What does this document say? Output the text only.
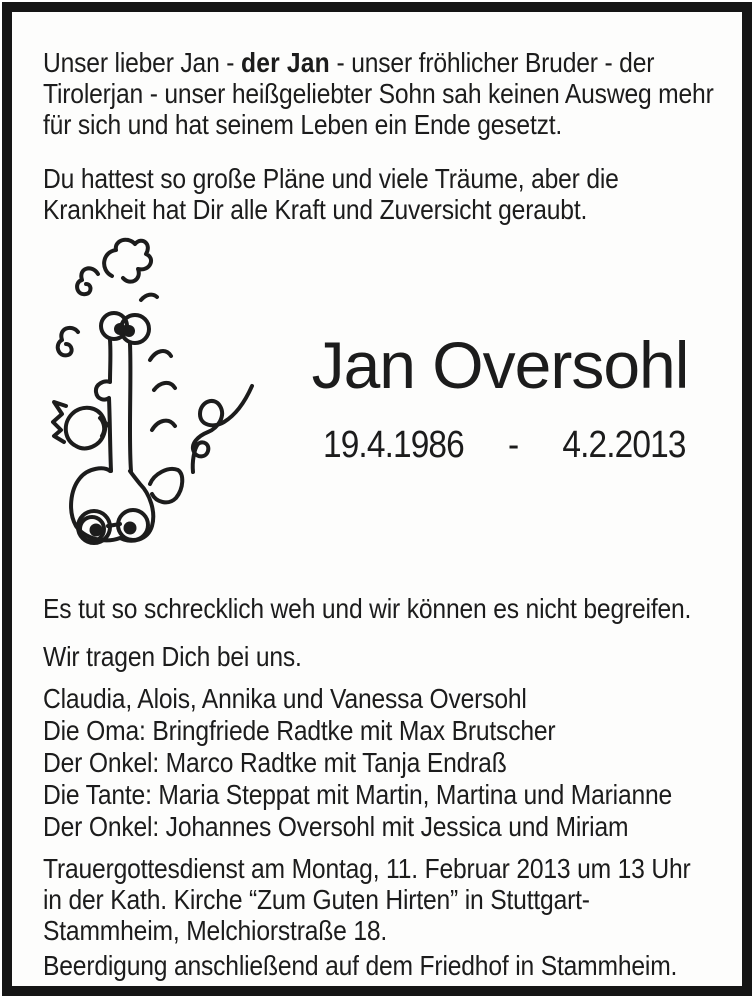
Unser lieber Jan - der Jan - unser fröhlicher Bruder - der Tirolerjan - unser heißgeliebter Sohn sah keinen Ausweg mehr für sich und hat seinem Leben ein Ende gesetzt.
Du hattest so große Pläne und viele Träume, aber die Krankheit hat Dir alle Kraft und Zuversicht geraubt.
Jan Oversohl
19.4.1986 - 4.2.2013
Es tut so schrecklich weh und wir können es nicht begreifen.
Wir tragen Dich bei uns.
Claudia, Alois, Annika und Vanessa Oversohl
Die Oma: Bringfriede Radtke mit Max Brutscher
Der Onkel: Marco Radtke mit Tanja Endraß
Die Tante: Maria Steppat mit Martin, Martina und Marianne
Der Onkel: Johannes Oversohl mit Jessica und Miriam
Trauergottesdienst am Montag, 11. Februar 2013 um 13 Uhr in der Kath. Kirche “Zum Guten Hirten” in Stuttgart-Stammheim, Melchiorstraße 18.
Beerdigung anschließend auf dem Friedhof in Stammheim.
